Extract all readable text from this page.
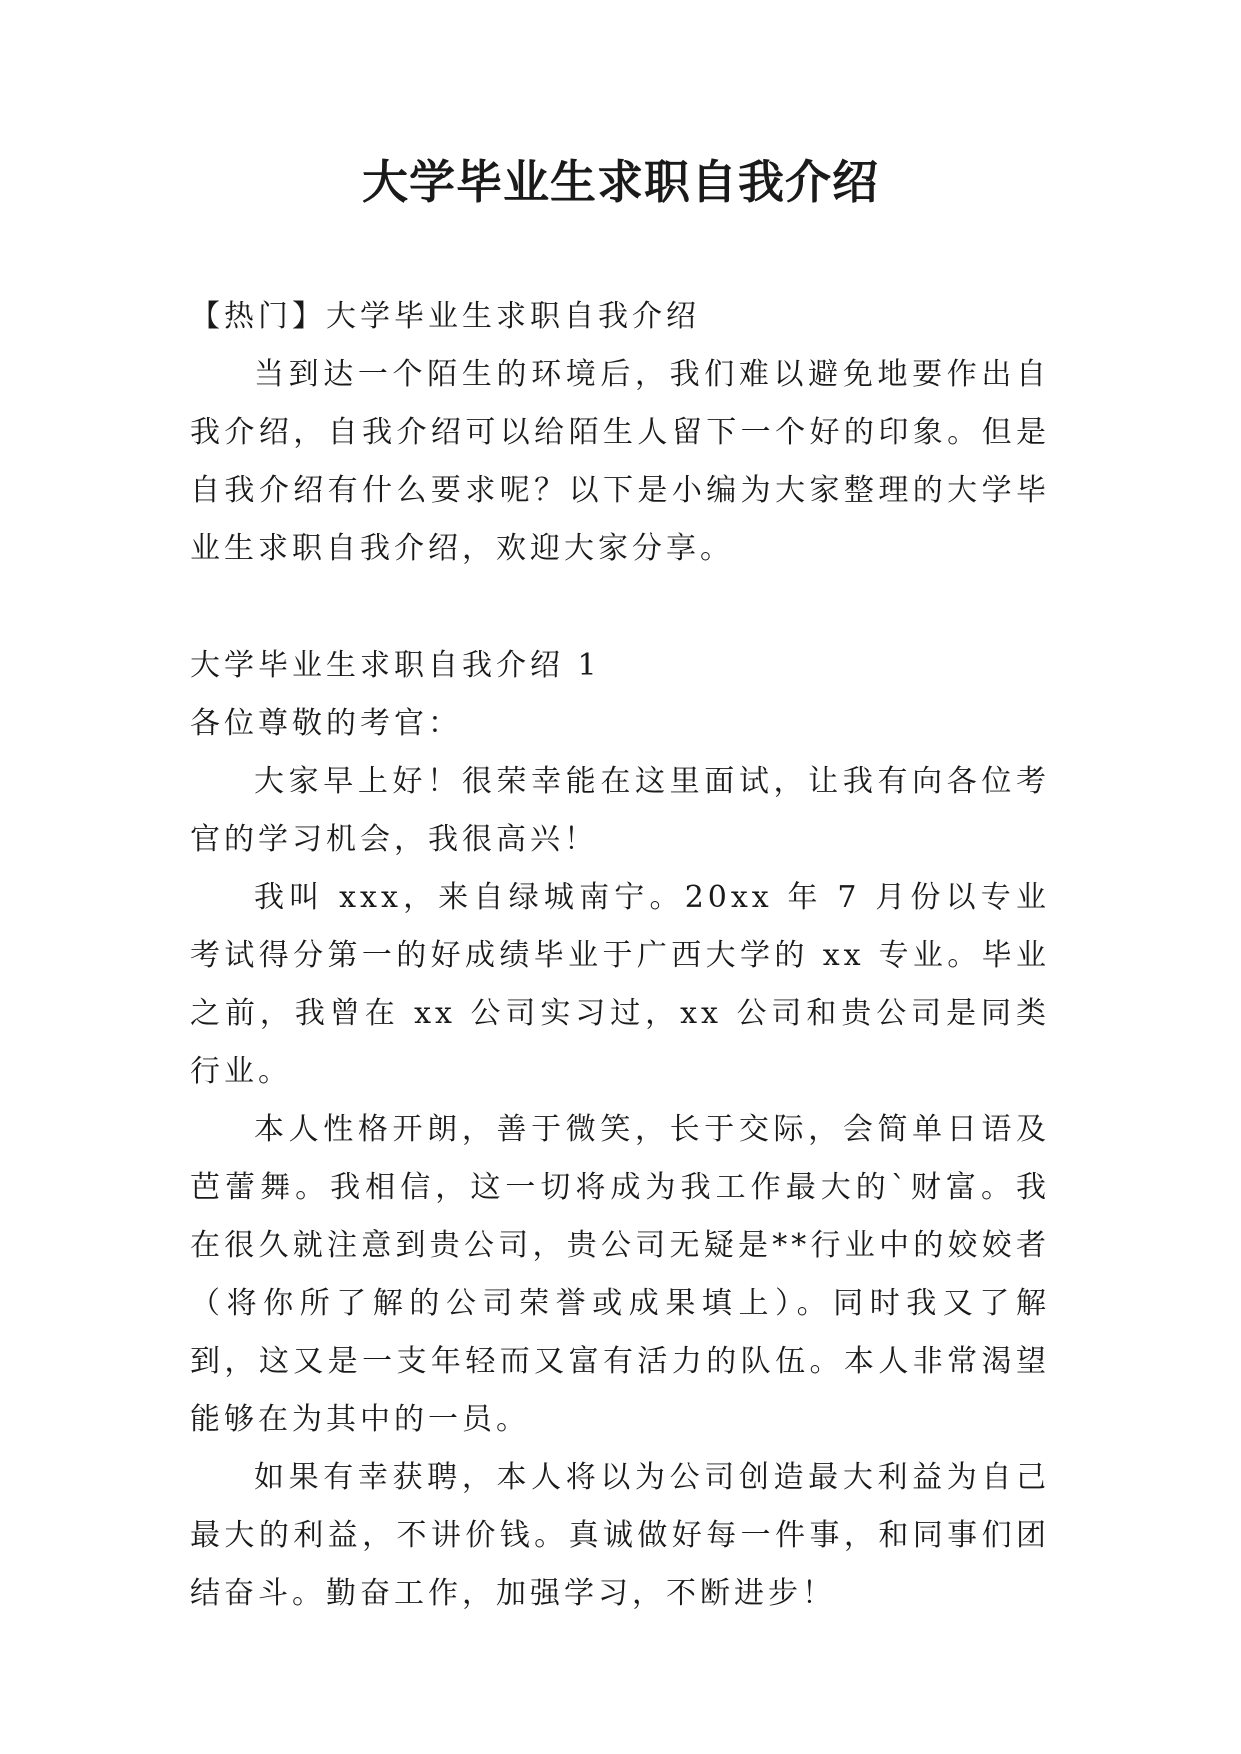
大学毕业生求职自我介绍

【热门】大学毕业生求职自我介绍

当到达一个陌生的环境后，我们难以避免地要作出自我介绍，自我介绍可以给陌生人留下一个好的印象。但是自我介绍有什么要求呢？以下是小编为大家整理的大学毕业生求职自我介绍，欢迎大家分享。

大学毕业生求职自我介绍 1

各位尊敬的考官：

大家早上好！很荣幸能在这里面试，让我有向各位考官的学习机会，我很高兴！

我叫 xxx，来自绿城南宁。20xx 年 7 月份以专业考试得分第一的好成绩毕业于广西大学的 xx 专业。毕业之前，我曾在 xx 公司实习过，xx 公司和贵公司是同类行业。

本人性格开朗，善于微笑，长于交际，会简单日语及芭蕾舞。我相信，这一切将成为我工作最大的`财富。我在很久就注意到贵公司，贵公司无疑是**行业中的姣姣者（将你所了解的公司荣誉或成果填上）。同时我又了解到，这又是一支年轻而又富有活力的队伍。本人非常渴望能够在为其中的一员。

如果有幸获聘，本人将以为公司创造最大利益为自己最大的利益，不讲价钱。真诚做好每一件事，和同事们团结奋斗。勤奋工作，加强学习，不断进步！
